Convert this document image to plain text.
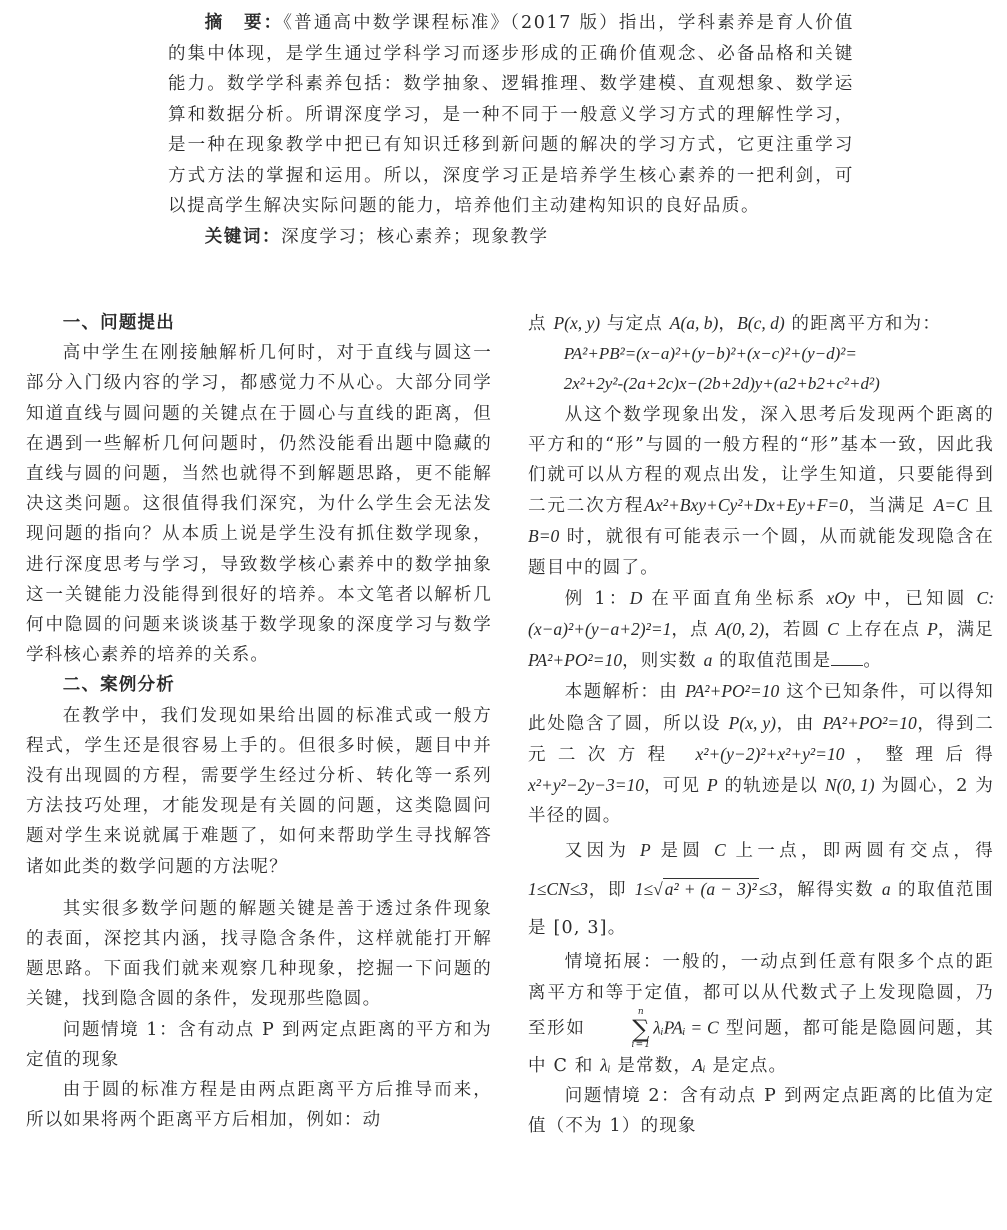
摘　要：《普通高中数学课程标准》（2017 版）指出，学科素养是育人价值的集中体现，是学生通过学科学习而逐步形成的正确价值观念、必备品格和关键能力。数学学科素养包括：数学抽象、逻辑推理、数学建模、直观想象、数学运算和数据分析。所谓深度学习，是一种不同于一般意义学习方式的理解性学习，是一种在现象教学中把已有知识迁移到新问题的解决的学习方式，它更注重学习方式方法的掌握和运用。所以，深度学习正是培养学生核心素养的一把利剑，可以提高学生解决实际问题的能力，培养他们主动建构知识的良好品质。

关键词：深度学习；核心素养；现象教学

一、问题提出

高中学生在刚接触解析几何时，对于直线与圆这一部分入门级内容的学习，都感觉力不从心。大部分同学知道直线与圆问题的关键点在于圆心与直线的距离，但在遇到一些解析几何问题时，仍然没能看出题中隐藏的直线与圆的问题，当然也就得不到解题思路，更不能解决这类问题。这很值得我们深究，为什么学生会无法发现问题的指向？从本质上说是学生没有抓住数学现象，进行深度思考与学习，导致数学核心素养中的数学抽象这一关键能力没能得到很好的培养。本文笔者以解析几何中隐圆的问题来谈谈基于数学现象的深度学习与数学学科核心素养的培养的关系。

二、案例分析

在教学中，我们发现如果给出圆的标准式或一般方程式，学生还是很容易上手的。但很多时候，题目中并没有出现圆的方程，需要学生经过分析、转化等一系列方法技巧处理，才能发现是有关圆的问题，这类隐圆问题对学生来说就属于难题了，如何来帮助学生寻找解答诸如此类的数学问题的方法呢？

其实很多数学问题的解题关键是善于透过条件现象的表面，深挖其内涵，找寻隐含条件，这样就能打开解题思路。下面我们就来观察几种现象，挖掘一下问题的关键，找到隐含圆的条件，发现那些隐圆。

问题情境 1：含有动点 P 到两定点距离的平方和为定值的现象

由于圆的标准方程是由两点距离平方后推导而来，所以如果将两个距离平方后相加，例如：动

点 P(x, y) 与定点 A(a, b)，B(c, d) 的距离平方和为：

PA²+PB²=(x−a)²+(y−b)²+(x−c)²+(y−d)²=

2x²+2y²-(2a+2c)x−(2b+2d)y+(a2+b2+c²+d²)

从这个数学现象出发，深入思考后发现两个距离的平方和的“形”与圆的一般方程的“形”基本一致，因此我们就可以从方程的观点出发，让学生知道，只要能得到二元二次方程Ax²+Bxy+Cy²+Dx+Ey+F=0，当满足 A=C 且 B=0 时，就很有可能表示一个圆，从而就能发现隐含在题目中的圆了。

例 1：D 在平面直角坐标系 xOy 中，已知圆 C: (x−a)²+(y−a+2)²=1，点 A(0, 2)，若圆 C 上存在点 P，满足 PA²+PO²=10，则实数 a 的取值范围是 。

本题解析：由 PA²+PO²=10 这个已知条件，可以得知此处隐含了圆，所以设 P(x, y)，由 PA²+PO²=10，得到二元二次方程 x²+(y−2)²+x²+y²=10，整理后得 x²+y²−2y−3=10，可见 P 的轨迹是以 N(0, 1) 为圆心，2 为半径的圆。

又因为 P 是圆 C 上一点，即两圆有交点，得 1≤CN≤3，即 1≤√ a² + (a − 3)² ≤3，解得实数 a 的取值范围是 [0, 3]。

情境拓展：一般的，一动点到任意有限多个点的距离平方和等于定值，都可以从代数式子上发现隐圆，乃至形如
n
∑
i=1
λᵢPAᵢ = C 型问题，都可能是隐圆问题，其中 C 和 λᵢ 是常数，Aᵢ 是定点。

问题情境 2：含有动点 P 到两定点距离的比值为定值（不为 1）的现象
